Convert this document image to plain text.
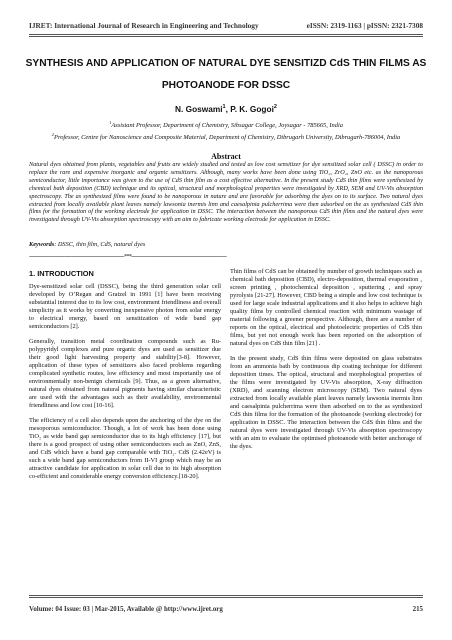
IJRET: International Journal of Research in Engineering and Technology	eISSN: 2319-1163 | pISSN: 2321-7308
SYNTHESIS AND APPLICATION OF NATURAL DYE SENSITIZD CdS THIN FILMS AS PHOTOANODE FOR DSSC
N. Goswami$^1$, P. K. Gogoi$^2$
$^1$Assistant Professor, Department of Chemistry, Sibsagar College, Joysagar - 785665, India
$^2$Professor, Centre for Nanoscience and Composite Material, Department of Chemistry, Dibrugarh University, Dibrugarh-786004, India
Abstract
Natural dyes obtained from plants, vegetables and fruits are widely studied and tested as low cost sensitizer for dye sensitized solar cell ( DSSC) in order to replace the rare and expensive inorganic and organic sensitizers. Although, many works have been done using TiO₂, ZrO₂, ZnO etc. as the nanoporous semiconductor, little importance was given to the use of CdS thin film as a cost effective alternative. In the present study CdS thin films were synthesized by chemical bath deposition (CBD) technique and its optical, structural and morphological properties were investigated by XRD, SEM and UV-Vis absorption spectroscopy. The as synthesized films were found to be nanoporous in nature and are favorable for adsorbing the dyes on to its surface. Two natural dyes extracted from locally available plant leaves namely lawsonia inermis linn and caesalpinia pulcherrima were then adsorbed on the as synthesized CdS thin films for the formation of the working electrode for application in DSSC. The interaction between the nanoporous CdS thin films and the natural dyes were investigated through UV-Vis absorption spectroscopy with an aim to fabricate working electrode for application in DSSC.
Keywords: DSSC, thin film, CdS, natural dyes
--------------------------------------------------------------------***--------------------------------------------------------------------
1. INTRODUCTION

Dye-sensitized solar cell (DSSC), being the third generation solar cell developed by O’Regan and Gratzel in 1991 [1] have been receiving substantial interest due to its low cost, environment friendliness and overall simplicity as it works by converting inexpensive photon from solar energy to electrical energy, based on sensitization of wide band gap semiconductors [2].

Generally, transition metal coordination compounds such as Ru- polypyridyl complexes and pure organic dyes are used as sensitizer due their good light harvesting property and stability[3-8]. However, application of these types of sensitizers also faced problems regarding complicated synthetic routes, low efficiency and most importantly use of environmentally non-benign chemicals [9]. Thus, as a green alternative, natural dyes obtained from natural pigments having similar characteristic are used with the advantages such as their availability, environmental friendliness and low cost [10-16].

The efficiency of a cell also depends upon the anchoring of the dye on the mesoporous semiconductor. Though, a lot of work has been done using TiO₂ as wide band gap semiconductor due to its high efficiency [17], but there is a good prospect of using other semiconductors such as ZnO, ZnS, and CdS which have a band gap comparable with TiO₂. CdS (2.42eV) is such a wide band gap semiconductors from II-VI group which may be an attractive candidate for application in solar cell due to its high absorption co-efficient and considerable energy conversion efficiency.[18-20].

Thin films of CdS can be obtained by number of growth techniques such as chemical bath deposition (CBD), electro-deposition, thermal evaporation , screen printing , photochemical deposition , sputtering , and spray pyrolysis [21-27]. However, CBD being a simple and low cost technique is used for large scale industrial applications and it also helps to achieve high quality films by controlled chemical reaction with minimum wastage of material following a greener perspective. Although, there are a number of reports on the optical, electrical and photoelectric properties of CdS thin films, but yet not enough work has been reported on the adsorption of natural dyes on CdS thin film [21] .

In the present study, CdS thin films were deposited on glass substrates from an ammonia bath by continuous dip coating technique for different deposition times. The optical, structural and morphological properties of the films were investigated by UV-Vis absorption, X-ray diffraction (XRD), and scanning electron microscopy (SEM). Two natural dyes extracted from locally available plant leaves namely lawsonia inermis linn and caesalpinia pulcherrima were then adsorbed on to the as synthesized CdS thin films for the formation of the photoanode (working electrode) for application in DSSC. The interaction between the CdS thin films and the natural dyes were investigated through UV-Vis absorption spectroscopy with an aim to evaluate the optimised photoanode with better anchorage of the dyes.

Volume: 04 Issue: 03 | Mar-2015, Available @ http://www.ijret.org	215
